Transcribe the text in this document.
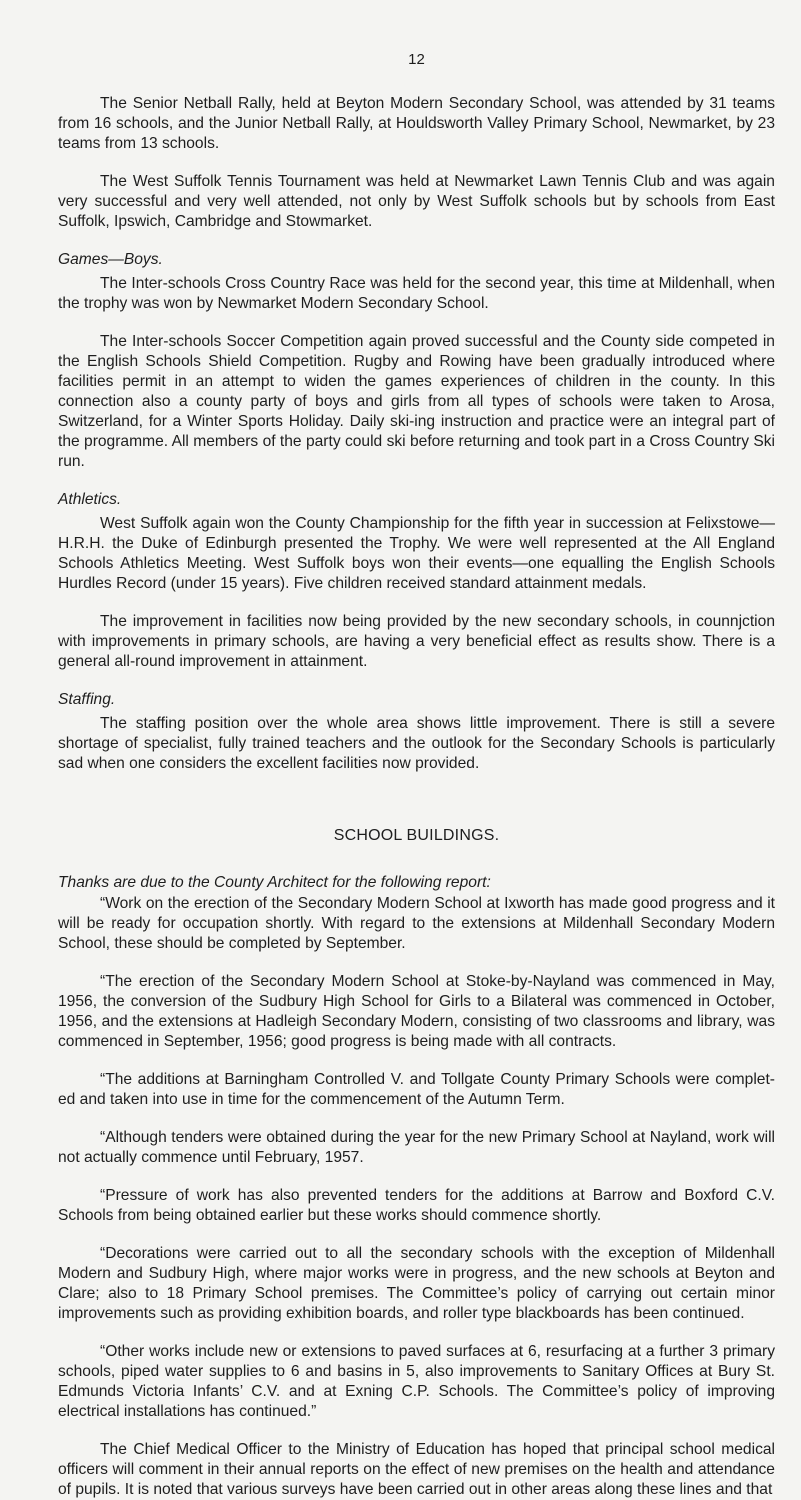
12

The Senior Netball Rally, held at Beyton Modern Secondary School, was attended by 31 teams from 16 schools, and the Junior Netball Rally, at Houldsworth Valley Primary School, Newmarket, by 23 teams from 13 schools.

The West Suffolk Tennis Tournament was held at Newmarket Lawn Tennis Club and was again very successful and very well attended, not only by West Suffolk schools but by schools from East Suffolk, Ipswich, Cambridge and Stowmarket.

Games—Boys.

The Inter-schools Cross Country Race was held for the second year, this time at Mildenhall, when the trophy was won by Newmarket Modern Secondary School.

The Inter-schools Soccer Competition again proved successful and the County side competed in the English Schools Shield Competition. Rugby and Rowing have been gradually introduced where facilities permit in an attempt to widen the games experiences of children in the county. In this connection also a county party of boys and girls from all types of schools were taken to Arosa, Switzerland, for a Winter Sports Holiday. Daily ski-ing instruction and practice were an integral part of the programme. All members of the party could ski before returning and took part in a Cross Country Ski run.

Athletics.

West Suffolk again won the County Championship for the fifth year in succession at Felixstowe— H.R.H. the Duke of Edinburgh presented the Trophy. We were well represented at the All England Schools Athletics Meeting. West Suffolk boys won their events—one equalling the English Schools Hurdles Record (under 15 years). Five children received standard attainment medals.

The improvement in facilities now being provided by the new secondary schools, in counnjction with improvements in primary schools, are having a very beneficial effect as results show. There is a general all-round improvement in attainment.

Staffing.

The staffing position over the whole area shows little improvement. There is still a severe shortage of specialist, fully trained teachers and the outlook for the Secondary Schools is particularly sad when one considers the excellent facilities now provided.

SCHOOL BUILDINGS.

Thanks are due to the County Architect for the following report:

“Work on the erection of the Secondary Modern School at Ixworth has made good progress and it will be ready for occupation shortly. With regard to the extensions at Mildenhall Secondary Modern School, these should be completed by September.

“The erection of the Secondary Modern School at Stoke-by-Nayland was commenced in May, 1956, the conversion of the Sudbury High School for Girls to a Bilateral was commenced in October, 1956, and the extensions at Hadleigh Secondary Modern, consisting of two classrooms and library, was commenced in September, 1956; good progress is being made with all contracts.

“The additions at Barningham Controlled V. and Tollgate County Primary Schools were complet- ed and taken into use in time for the commencement of the Autumn Term.

“Although tenders were obtained during the year for the new Primary School at Nayland, work will not actually commence until February, 1957.

“Pressure of work has also prevented tenders for the additions at Barrow and Boxford C.V. Schools from being obtained earlier but these works should commence shortly.

“Decorations were carried out to all the secondary schools with the exception of Mildenhall Modern and Sudbury High, where major works were in progress, and the new schools at Beyton and Clare; also to 18 Primary School premises. The Committee’s policy of carrying out certain minor improvements such as providing exhibition boards, and roller type blackboards has been continued.

“Other works include new or extensions to paved surfaces at 6, resurfacing at a further 3 primary schools, piped water supplies to 6 and basins in 5, also improvements to Sanitary Offices at Bury St. Edmunds Victoria Infants’ C.V. and at Exning C.P. Schools. The Committee’s policy of improving electrical installations has continued.”

The Chief Medical Officer to the Ministry of Education has hoped that principal school medical officers will comment in their annual reports on the effect of new premises on the health and attendance of pupils. It is noted that various surveys have been carried out in other areas along these lines and that
